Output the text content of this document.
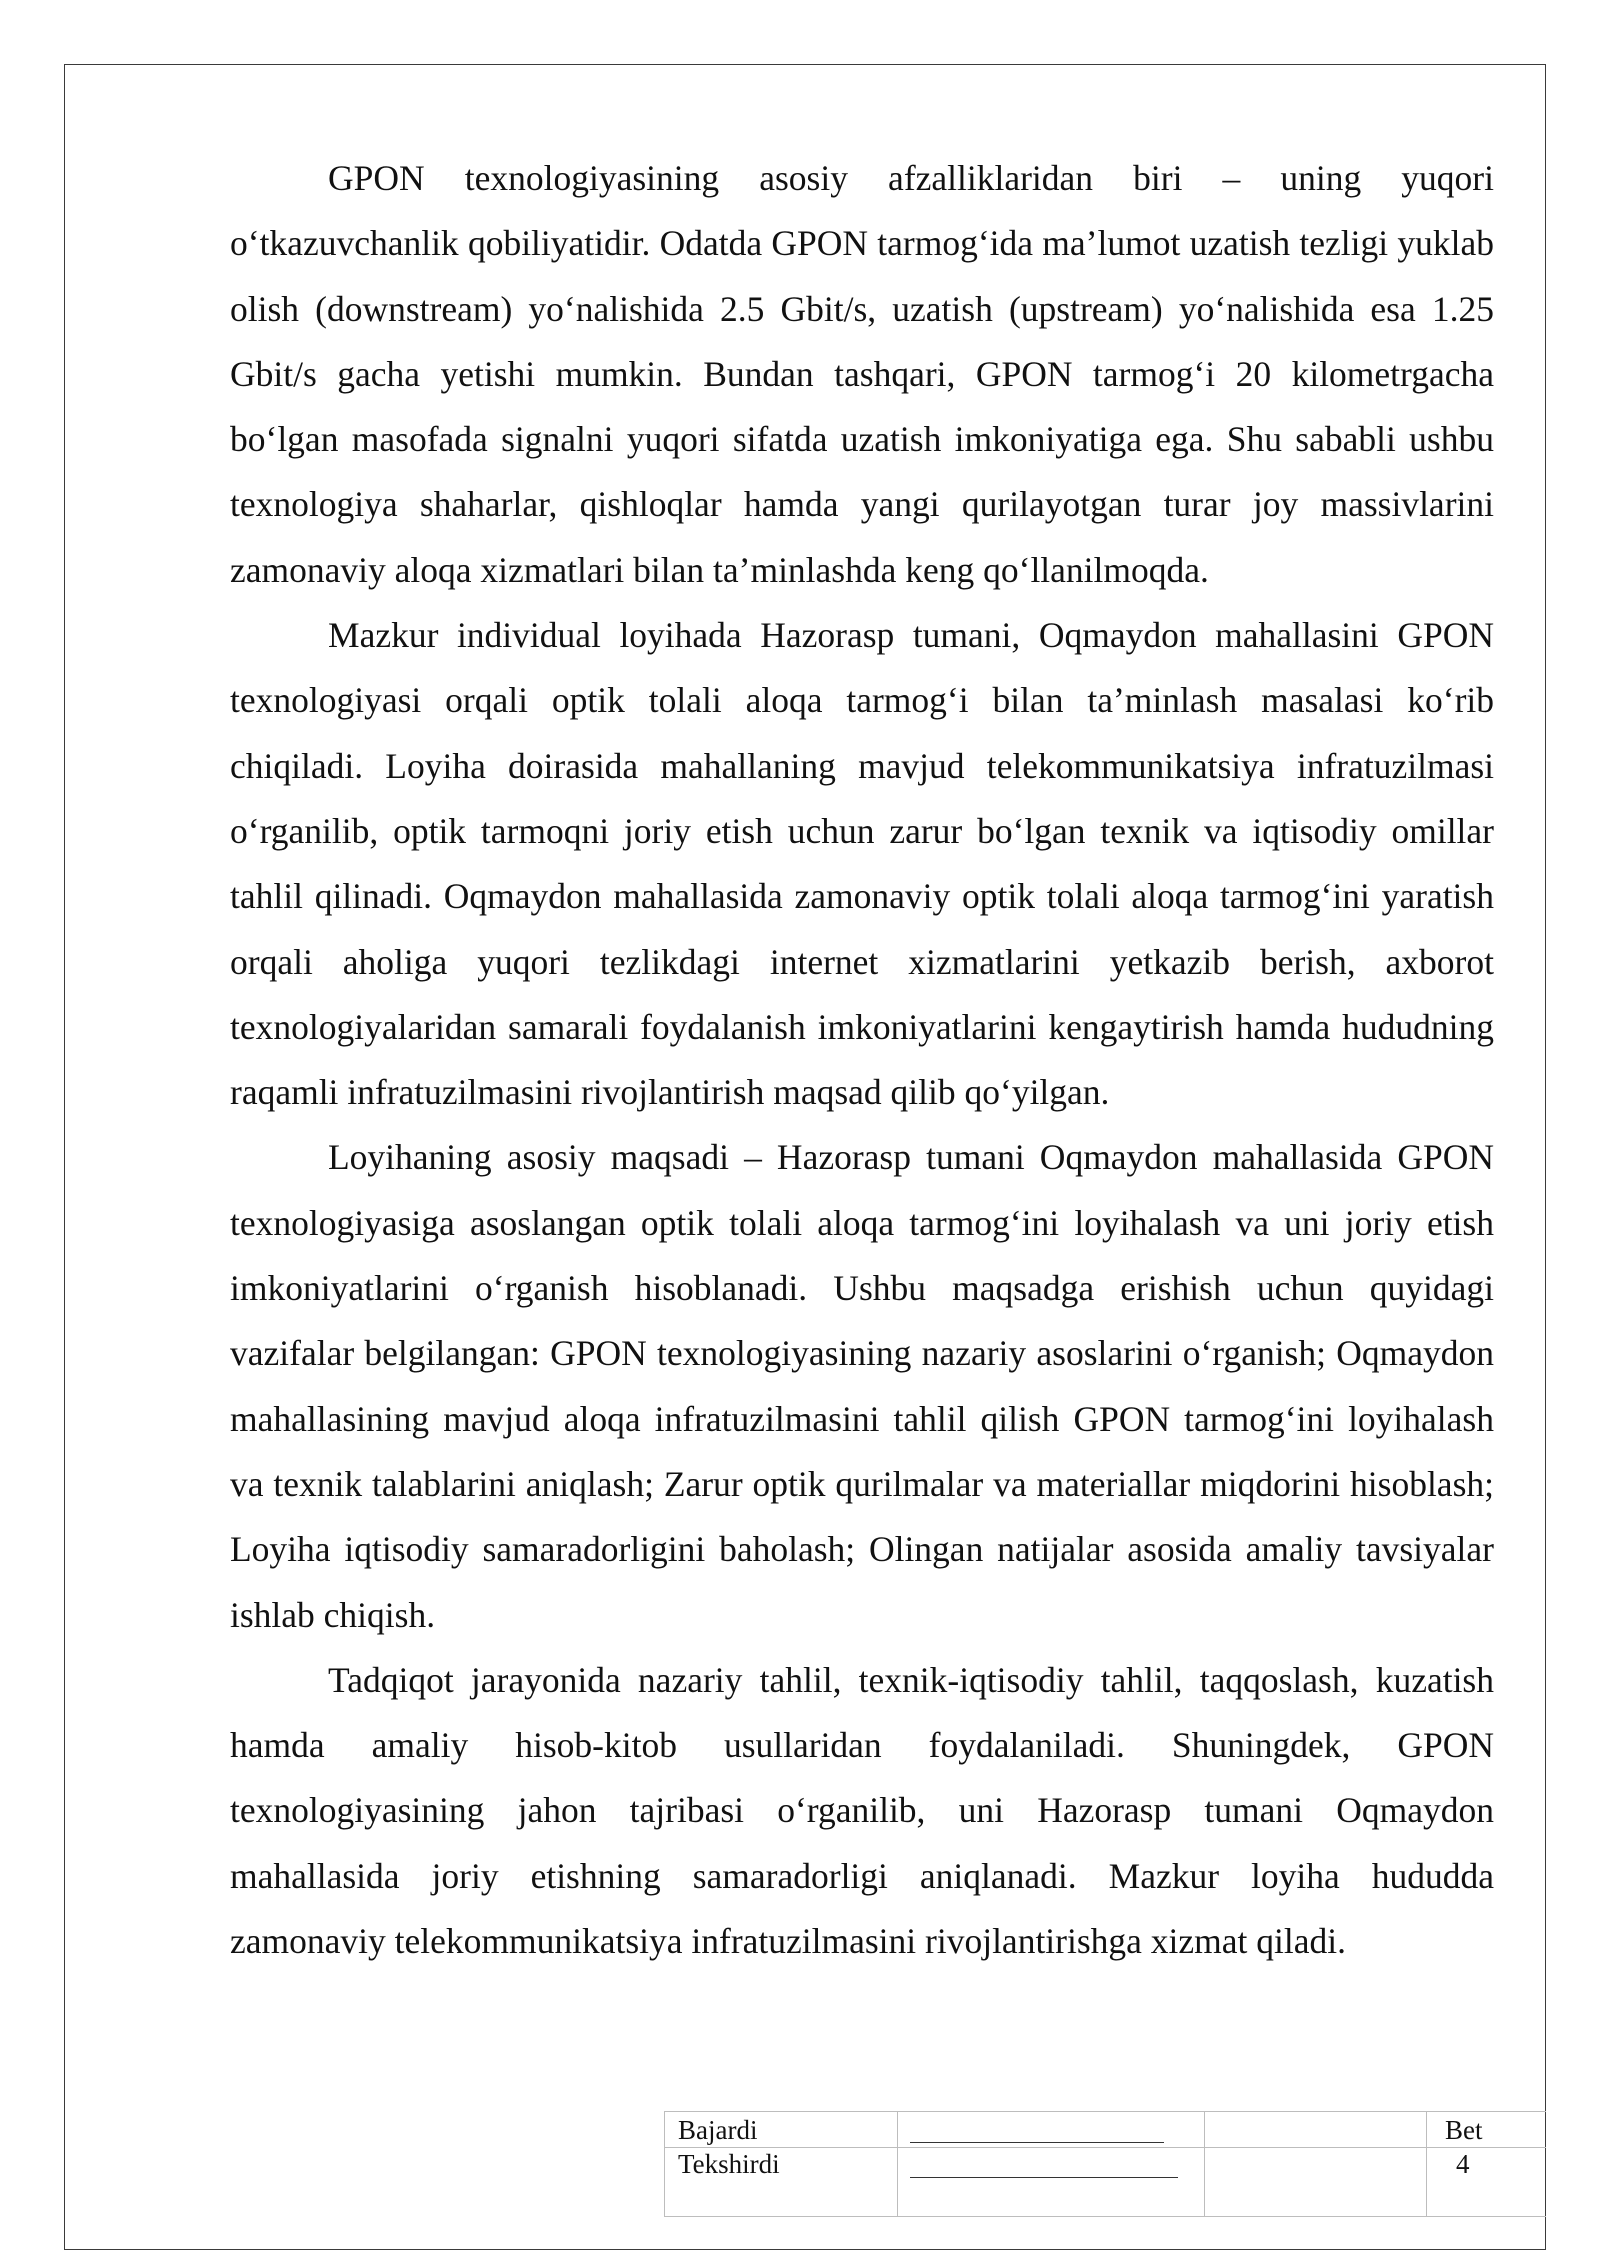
GPON texnologiyasining asosiy afzalliklaridan biri – uning yuqori o‘tkazuvchanlik qobiliyatidir. Odatda GPON tarmog‘ida ma’lumot uzatish tezligi yuklab olish (downstream) yo‘nalishida 2.5 Gbit/s, uzatish (upstream) yo‘nalishida esa 1.25 Gbit/s gacha yetishi mumkin. Bundan tashqari, GPON tarmog‘i 20 kilometrgacha bo‘lgan masofada signalni yuqori sifatda uzatish imkoniyatiga ega. Shu sababli ushbu texnologiya shaharlar, qishloqlar hamda yangi qurilayotgan turar joy massivlarini zamonaviy aloqa xizmatlari bilan ta’minlashda keng qo‘llanilmoqda.

Mazkur individual loyihada Hazorasp tumani, Oqmaydon mahallasini GPON texnologiyasi orqali optik tolali aloqa tarmog‘i bilan ta’minlash masalasi ko‘rib chiqiladi. Loyiha doirasida mahallaning mavjud telekommunikatsiya infratuzilmasi o‘rganilib, optik tarmoqni joriy etish uchun zarur bo‘lgan texnik va iqtisodiy omillar tahlil qilinadi. Oqmaydon mahallasida zamonaviy optik tolali aloqa tarmog‘ini yaratish orqali aholiga yuqori tezlikdagi internet xizmatlarini yetkazib berish, axborot texnologiyalaridan samarali foydalanish imkoniyatlarini kengaytirish hamda hududning raqamli infratuzilmasini rivojlantirish maqsad qilib qo‘yilgan.

Loyihaning asosiy maqsadi – Hazorasp tumani Oqmaydon mahallasida GPON texnologiyasiga asoslangan optik tolali aloqa tarmog‘ini loyihalash va uni joriy etish imkoniyatlarini o‘rganish hisoblanadi. Ushbu maqsadga erishish uchun quyidagi vazifalar belgilangan: GPON texnologiyasining nazariy asoslarini o‘rganish; Oqmaydon mahallasining mavjud aloqa infratuzilmasini tahlil qilish GPON tarmog‘ini loyihalash va texnik talablarini aniqlash; Zarur optik qurilmalar va materiallar miqdorini hisoblash; Loyiha iqtisodiy samaradorligini baholash; Olingan natijalar asosida amaliy tavsiyalar ishlab chiqish.

Tadqiqot jarayonida nazariy tahlil, texnik-iqtisodiy tahlil, taqqoslash, kuzatish hamda amaliy hisob-kitob usullaridan foydalaniladi. Shuningdek, GPON texnologiyasining jahon tajribasi o‘rganilib, uni Hazorasp tumani Oqmaydon mahallasida joriy etishning samaradorligi aniqlanadi. Mazkur loyiha hududda zamonaviy telekommunikatsiya infratuzilmasini rivojlantirishga xizmat qiladi.

Bajardi
Tekshirdi
Bet
4
